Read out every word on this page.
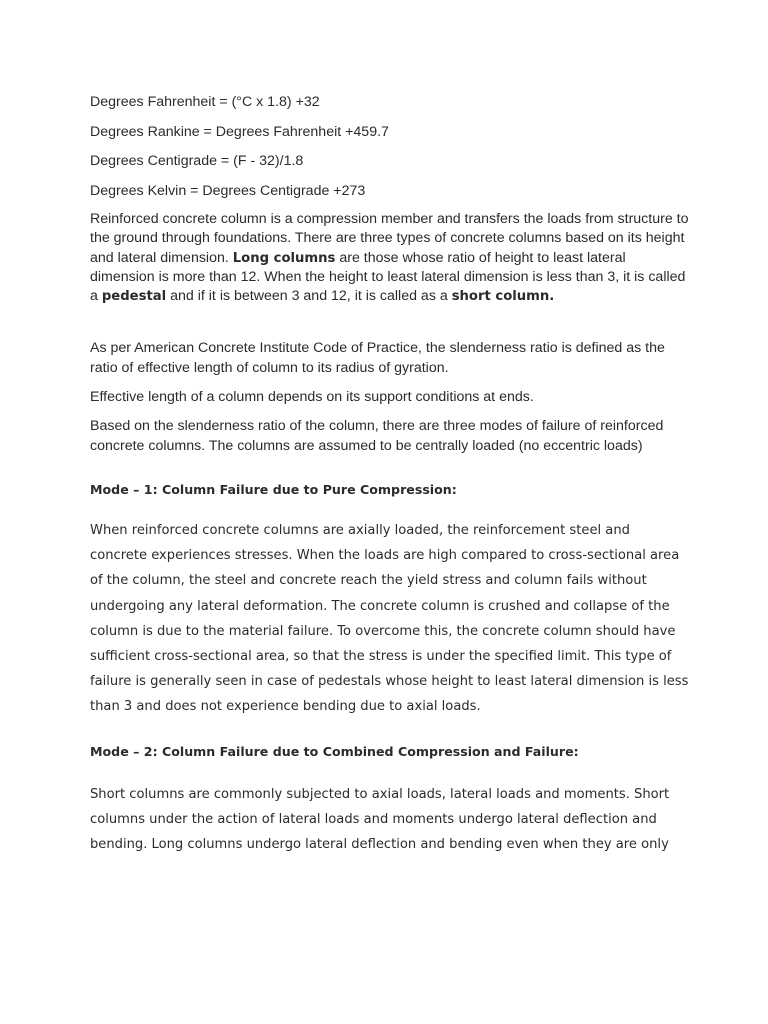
Degrees Fahrenheit = (°C x 1.8) +32
Degrees Rankine = Degrees Fahrenheit +459.7
Degrees Centigrade = (F - 32)/1.8
Degrees Kelvin = Degrees Centigrade +273

Reinforced concrete column is a compression member and transfers the loads from structure to the ground through foundations. There are three types of concrete columns based on its height and lateral dimension. Long columns are those whose ratio of height to least lateral dimension is more than 12. When the height to least lateral dimension is less than 3, it is called a pedestal and if it is between 3 and 12, it is called as a short column.

As per American Concrete Institute Code of Practice, the slenderness ratio is defined as the ratio of effective length of column to its radius of gyration.

Effective length of a column depends on its support conditions at ends.

Based on the slenderness ratio of the column, there are three modes of failure of reinforced concrete columns. The columns are assumed to be centrally loaded (no eccentric loads)

Mode – 1: Column Failure due to Pure Compression:

When reinforced concrete columns are axially loaded, the reinforcement steel and concrete experiences stresses. When the loads are high compared to cross-sectional area of the column, the steel and concrete reach the yield stress and column fails without undergoing any lateral deformation. The concrete column is crushed and collapse of the column is due to the material failure. To overcome this, the concrete column should have sufficient cross-sectional area, so that the stress is under the specified limit. This type of failure is generally seen in case of pedestals whose height to least lateral dimension is less than 3 and does not experience bending due to axial loads.

Mode – 2: Column Failure due to Combined Compression and Failure:

Short columns are commonly subjected to axial loads, lateral loads and moments. Short columns under the action of lateral loads and moments undergo lateral deflection and bending. Long columns undergo lateral deflection and bending even when they are only
